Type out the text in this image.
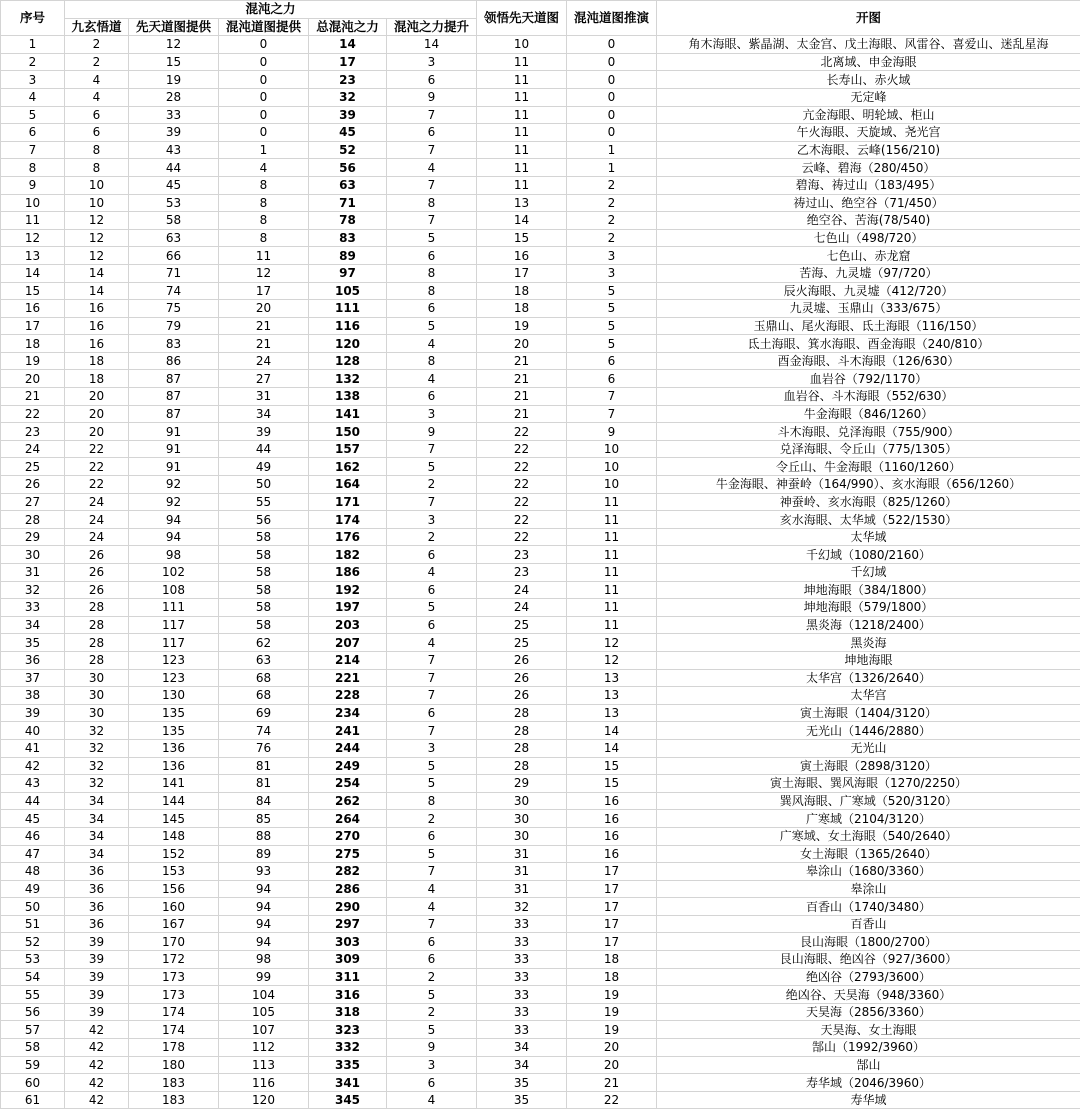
序号	混沌之力					领悟先天道图	混沌道图推演	开图
	九玄悟道	先天道图提供	混沌道图提供	总混沌之力	混沌之力提升			
1	2	12	0	14	14	10	0	角木海眼、紫晶湖、太金宫、戊土海眼、风雷谷、喜爱山、迷乱星海
2	2	15	0	17	3	11	0	北离域、申金海眼
3	4	19	0	23	6	11	0	长寿山、赤火域
4	4	28	0	32	9	11	0	无定峰
5	6	33	0	39	7	11	0	亢金海眼、明轮域、柜山
6	6	39	0	45	6	11	0	午火海眼、天旋域、尧光宫
7	8	43	1	52	7	11	1	乙木海眼、云峰(156/210)
8	8	44	4	56	4	11	1	云峰、碧海（280/450）
9	10	45	8	63	7	11	2	碧海、祷过山（183/495）
10	10	53	8	71	8	13	2	祷过山、绝空谷（71/450）
11	12	58	8	78	7	14	2	绝空谷、苦海(78/540)
12	12	63	8	83	5	15	2	七色山（498/720）
13	12	66	11	89	6	16	3	七色山、赤龙窟
14	14	71	12	97	8	17	3	苦海、九灵墟（97/720）
15	14	74	17	105	8	18	5	辰火海眼、九灵墟（412/720）
16	16	75	20	111	6	18	5	九灵墟、玉鼎山（333/675）
17	16	79	21	116	5	19	5	玉鼎山、尾火海眼、氐土海眼（116/150）
18	16	83	21	120	4	20	5	氐土海眼、箕水海眼、酉金海眼（240/810）
19	18	86	24	128	8	21	6	酉金海眼、斗木海眼（126/630）
20	18	87	27	132	4	21	6	血岩谷（792/1170）
21	20	87	31	138	6	21	7	血岩谷、斗木海眼（552/630）
22	20	87	34	141	3	21	7	牛金海眼（846/1260）
23	20	91	39	150	9	22	9	斗木海眼、兑泽海眼（755/900）
24	22	91	44	157	7	22	10	兑泽海眼、令丘山（775/1305）
25	22	91	49	162	5	22	10	令丘山、牛金海眼（1160/1260）
26	22	92	50	164	2	22	10	牛金海眼、神蚕岭（164/990）、亥水海眼（656/1260）
27	24	92	55	171	7	22	11	神蚕岭、亥水海眼（825/1260）
28	24	94	56	174	3	22	11	亥水海眼、太华域（522/1530）
29	24	94	58	176	2	22	11	太华域
30	26	98	58	182	6	23	11	千幻域（1080/2160）
31	26	102	58	186	4	23	11	千幻域
32	26	108	58	192	6	24	11	坤地海眼（384/1800）
33	28	111	58	197	5	24	11	坤地海眼（579/1800）
34	28	117	58	203	6	25	11	黑炎海（1218/2400）
35	28	117	62	207	4	25	12	黑炎海
36	28	123	63	214	7	26	12	坤地海眼
37	30	123	68	221	7	26	13	太华宫（1326/2640）
38	30	130	68	228	7	26	13	太华宫
39	30	135	69	234	6	28	13	寅土海眼（1404/3120）
40	32	135	74	241	7	28	14	无光山（1446/2880）
41	32	136	76	244	3	28	14	无光山
42	32	136	81	249	5	28	15	寅土海眼（2898/3120）
43	32	141	81	254	5	29	15	寅土海眼、巽风海眼（1270/2250）
44	34	144	84	262	8	30	16	巽风海眼、广寒域（520/3120）
45	34	145	85	264	2	30	16	广寒域（2104/3120）
46	34	148	88	270	6	30	16	广寒域、女土海眼（540/2640）
47	34	152	89	275	5	31	16	女土海眼（1365/2640）
48	36	153	93	282	7	31	17	皋涂山（1680/3360）
49	36	156	94	286	4	31	17	皋涂山
50	36	160	94	290	4	32	17	百香山（1740/3480）
51	36	167	94	297	7	33	17	百香山
52	39	170	94	303	6	33	17	艮山海眼（1800/2700）
53	39	172	98	309	6	33	18	艮山海眼、绝凶谷（927/3600）
54	39	173	99	311	2	33	18	绝凶谷（2793/3600）
55	39	173	104	316	5	33	19	绝凶谷、天昊海（948/3360）
56	39	174	105	318	2	33	19	天昊海（2856/3360）
57	42	174	107	323	5	33	19	天昊海、女土海眼
58	42	178	112	332	9	34	20	郜山（1992/3960）
59	42	180	113	335	3	34	20	郜山
60	42	183	116	341	6	35	21	寿华域（2046/3960）
61	42	183	120	345	4	35	22	寿华域
